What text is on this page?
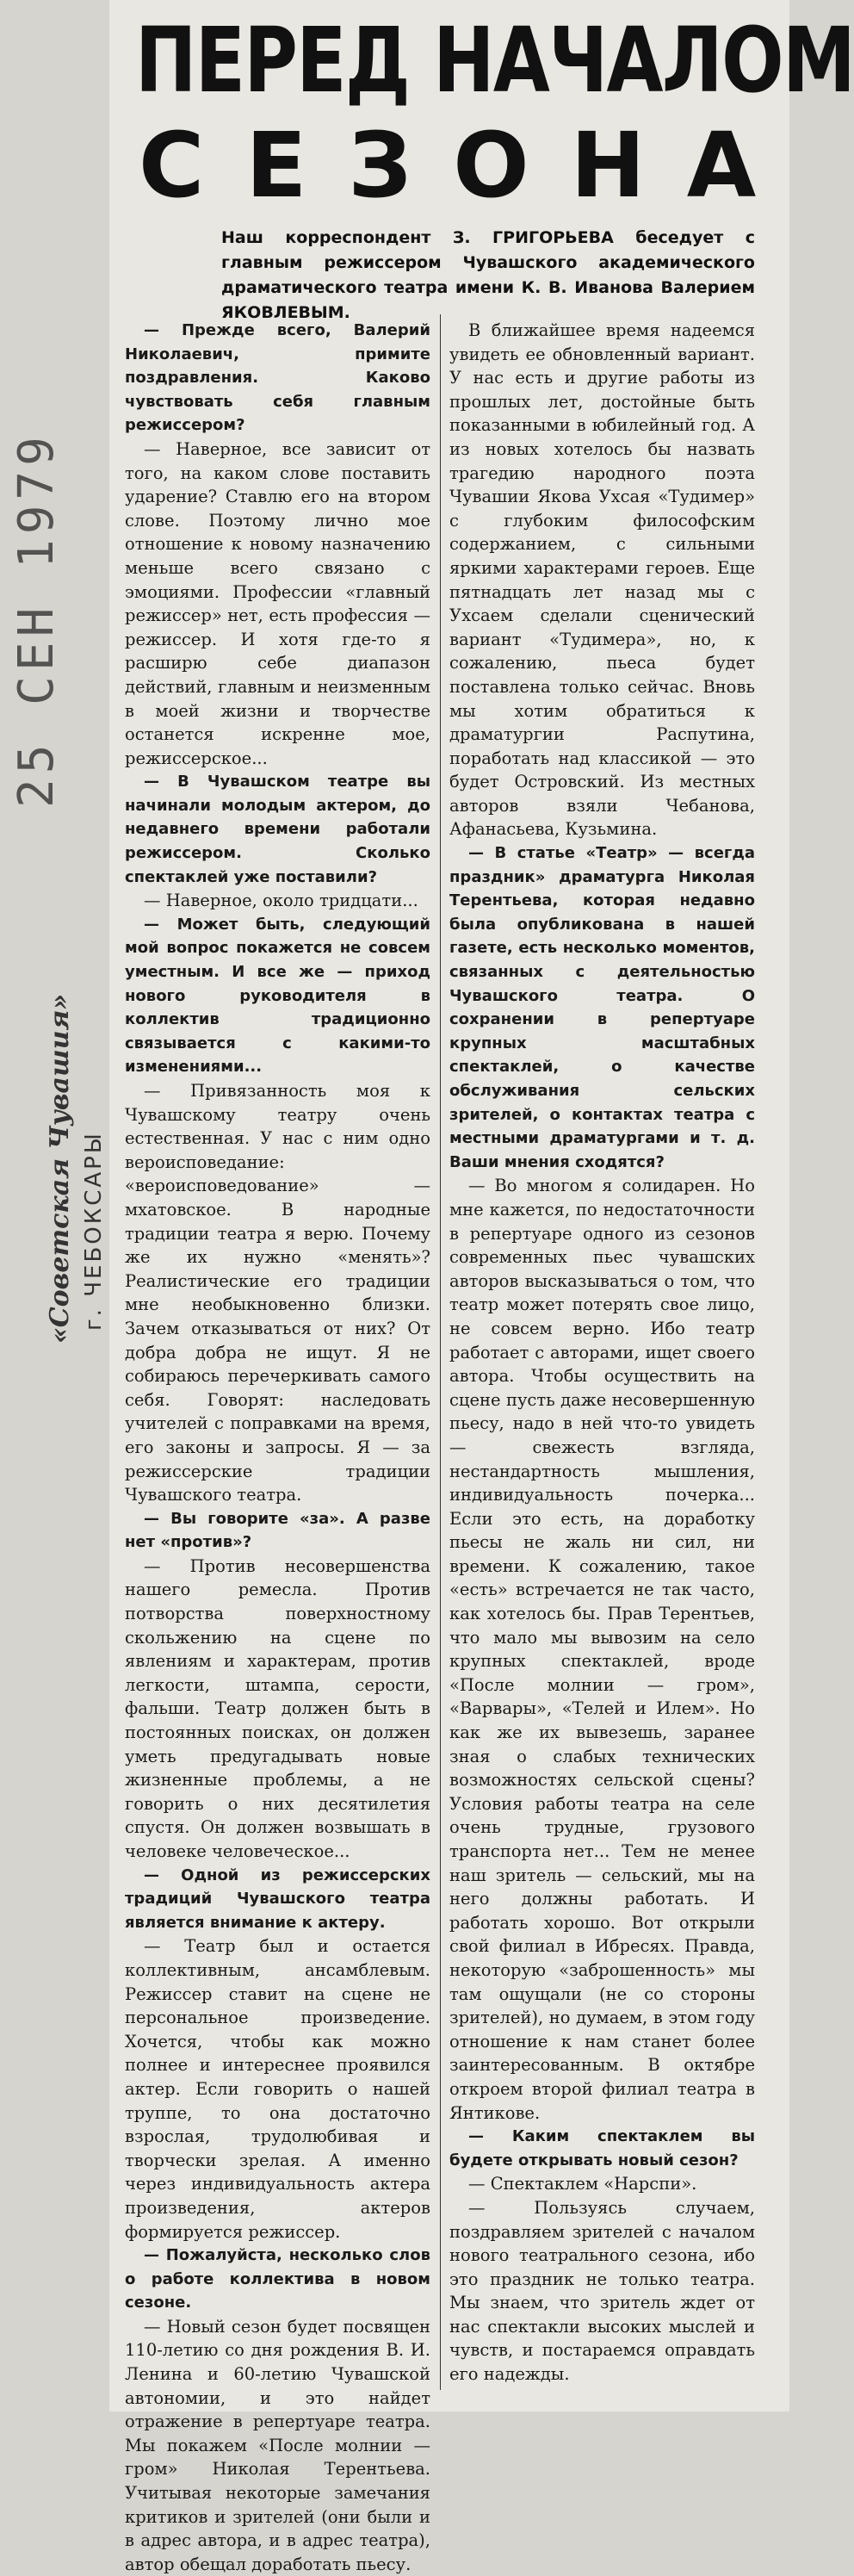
25 СЕН 1979
«Советская Чувашия» г. ЧЕБОКСАРЫ
ПЕРЕД НАЧАЛОМ
СЕЗОНА

Наш корреспондент З. ГРИГОРЬЕВА беседует с главным режиссером Чувашского академического драматического театра имени К. В. Иванова Валерием ЯКОВЛЕВЫМ.

— Прежде всего, Валерий Николаевич, примите поздравления. Каково чувствовать себя главным режиссером?

— Наверное, все зависит от того, на каком слове поставить ударение? Ставлю его на втором слове. Поэтому лично мое отношение к новому назначению меньше всего связано с эмоциями. Профессии «главный режиссер» нет, есть профессия — режиссер. И хотя где-то я расширю себе диапазон действий, главным и неизменным в моей жизни и творчестве останется искренне мое, режиссерское...

— В Чувашском театре вы начинали молодым актером, до недавнего времени работали режиссером. Сколько спектаклей уже поставили?

— Наверное, около тридцати...

— Может быть, следующий мой вопрос покажется не совсем уместным. И все же — приход нового руководителя в коллектив традиционно связывается с какими-то изменениями...

— Привязанность моя к Чувашскому театру очень естественная. У нас с ним одно вероисповедание: «вероисповедование» — мхатовское. В народные традиции театра я верю. Почему же их нужно «менять»? Реалистические его традиции мне необыкновенно близки. Зачем отказываться от них? От добра добра не ищут. Я не собираюсь перечеркивать самого себя. Говорят: наследовать учителей с поправками на время, его законы и запросы. Я — за режиссерские традиции Чувашского театра.

— Вы говорите «за». А разве нет «против»?

— Против несовершенства нашего ремесла. Против потворства поверхностному скольжению на сцене по явлениям и характерам, против легкости, штампа, серости, фальши. Театр должен быть в постоянных поисках, он должен уметь предугадывать новые жизненные проблемы, а не говорить о них десятилетия спустя. Он должен возвышать в человеке человеческое...

— Одной из режиссерских традиций Чувашского театра является внимание к актеру.

— Театр был и остается коллективным, ансамблевым. Режиссер ставит на сцене не персональное произведение. Хочется, чтобы как можно полнее и интереснее проявился актер. Если говорить о нашей труппе, то она достаточно взрослая, трудолюбивая и творчески зрелая. А именно через индивидуальность актера произведения, актеров формируется режиссер.

— Пожалуйста, несколько слов о работе коллектива в новом сезоне.

— Новый сезон будет посвящен 110-летию со дня рождения В. И. Ленина и 60-летию Чувашской автономии, и это найдет отражение в репертуаре театра. Мы покажем «После молнии — гром» Николая Терентьева. Учитывая некоторые замечания критиков и зрителей (они были и в адрес автора, и в адрес театра), автор обещал доработать пьесу.

В ближайшее время надеемся увидеть ее обновленный вариант. У нас есть и другие работы из прошлых лет, достойные быть показанными в юбилейный год. А из новых хотелось бы назвать трагедию народного поэта Чувашии Якова Ухсая «Тудимер» с глубоким философским содержанием, с сильными яркими характерами героев. Еще пятнадцать лет назад мы с Ухсаем сделали сценический вариант «Тудимера», но, к сожалению, пьеса будет поставлена только сейчас. Вновь мы хотим обратиться к драматургии Распутина, поработать над классикой — это будет Островский. Из местных авторов взяли Чебанова, Афанасьева, Кузьмина.

— В статье «Театр» — всегда праздник» драматурга Николая Терентьева, которая недавно была опубликована в нашей газете, есть несколько моментов, связанных с деятельностью Чувашского театра. О сохранении в репертуаре крупных масштабных спектаклей, о качестве обслуживания сельских зрителей, о контактах театра с местными драматургами и т. д. Ваши мнения сходятся?

— Во многом я солидарен. Но мне кажется, по недостаточности в репертуаре одного из сезонов современных пьес чувашских авторов высказываться о том, что театр может потерять свое лицо, не совсем верно. Ибо театр работает с авторами, ищет своего автора. Чтобы осуществить на сцене пусть даже несовершенную пьесу, надо в ней что-то увидеть — свежесть взгляда, нестандартность мышления, индивидуальность почерка... Если это есть, на доработку пьесы не жаль ни сил, ни времени. К сожалению, такое «есть» встречается не так часто, как хотелось бы. Прав Терентьев, что мало мы вывозим на село крупных спектаклей, вроде «После молнии — гром», «Варвары», «Телей и Илем». Но как же их вывезешь, заранее зная о слабых технических возможностях сельской сцены? Условия работы театра на селе очень трудные, грузового транспорта нет... Тем не менее наш зритель — сельский, мы на него должны работать. И работать хорошо. Вот открыли свой филиал в Ибресях. Правда, некоторую «заброшенность» мы там ощущали (не со стороны зрителей), но думаем, в этом году отношение к нам станет более заинтересованным. В октябре откроем второй филиал театра в Янтикове.

— Каким спектаклем вы будете открывать новый сезон?

— Спектаклем «Нарспи».

— Пользуясь случаем, поздравляем зрителей с началом нового театрального сезона, ибо это праздник не только театра. Мы знаем, что зритель ждет от нас спектакли высоких мыслей и чувств, и постараемся оправдать его надежды.
